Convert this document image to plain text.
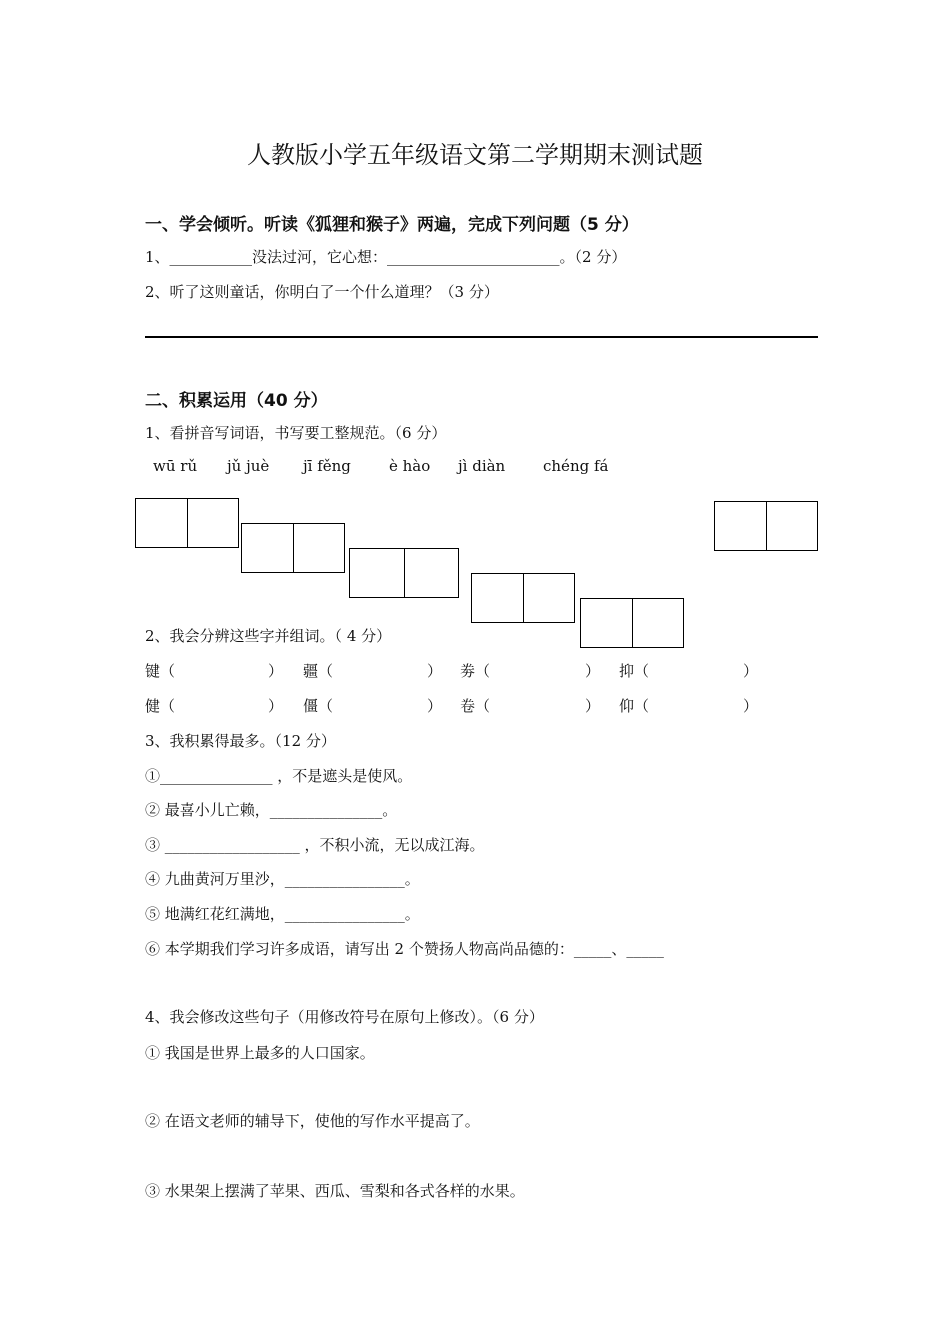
人教版小学五年级语文第二学期期末测试题
一、学会倾听。听读《狐狸和猴子》两遍，完成下列问题（5 分）
1、___________没法过河，它心想：_______________________。（2 分）
2、听了这则童话，你明白了一个什么道理？（3 分）
二、积累运用（40 分）
1、看拼音写词语，书写要工整规范。（6 分）
wū rǔ jǔ juè jī fěng	è hào jì diàn	chéng fá
2、我会分辨这些字并组词。（ 4 分）
键（	） 疆（	） 劵（	） 抑（	）
健（	） 僵（	） 卷（	） 仰（	）
3、我积累得最多。（12 分）
①_______________ ，不是遮头是使风。
② 最喜小儿亡赖，_______________。
③ __________________ ，不积小流，无以成江海。
④ 九曲黄河万里沙，________________。
⑤ 地满红花红满地，________________。
⑥ 本学期我们学习许多成语，请写出 2 个赞扬人物高尚品德的：_____、_____
4、我会修改这些句子（用修改符号在原句上修改）。（6 分）
① 我国是世界上最多的人口国家。
② 在语文老师的辅导下，使他的写作水平提高了。
③ 水果架上摆满了苹果、西瓜、雪梨和各式各样的水果。
